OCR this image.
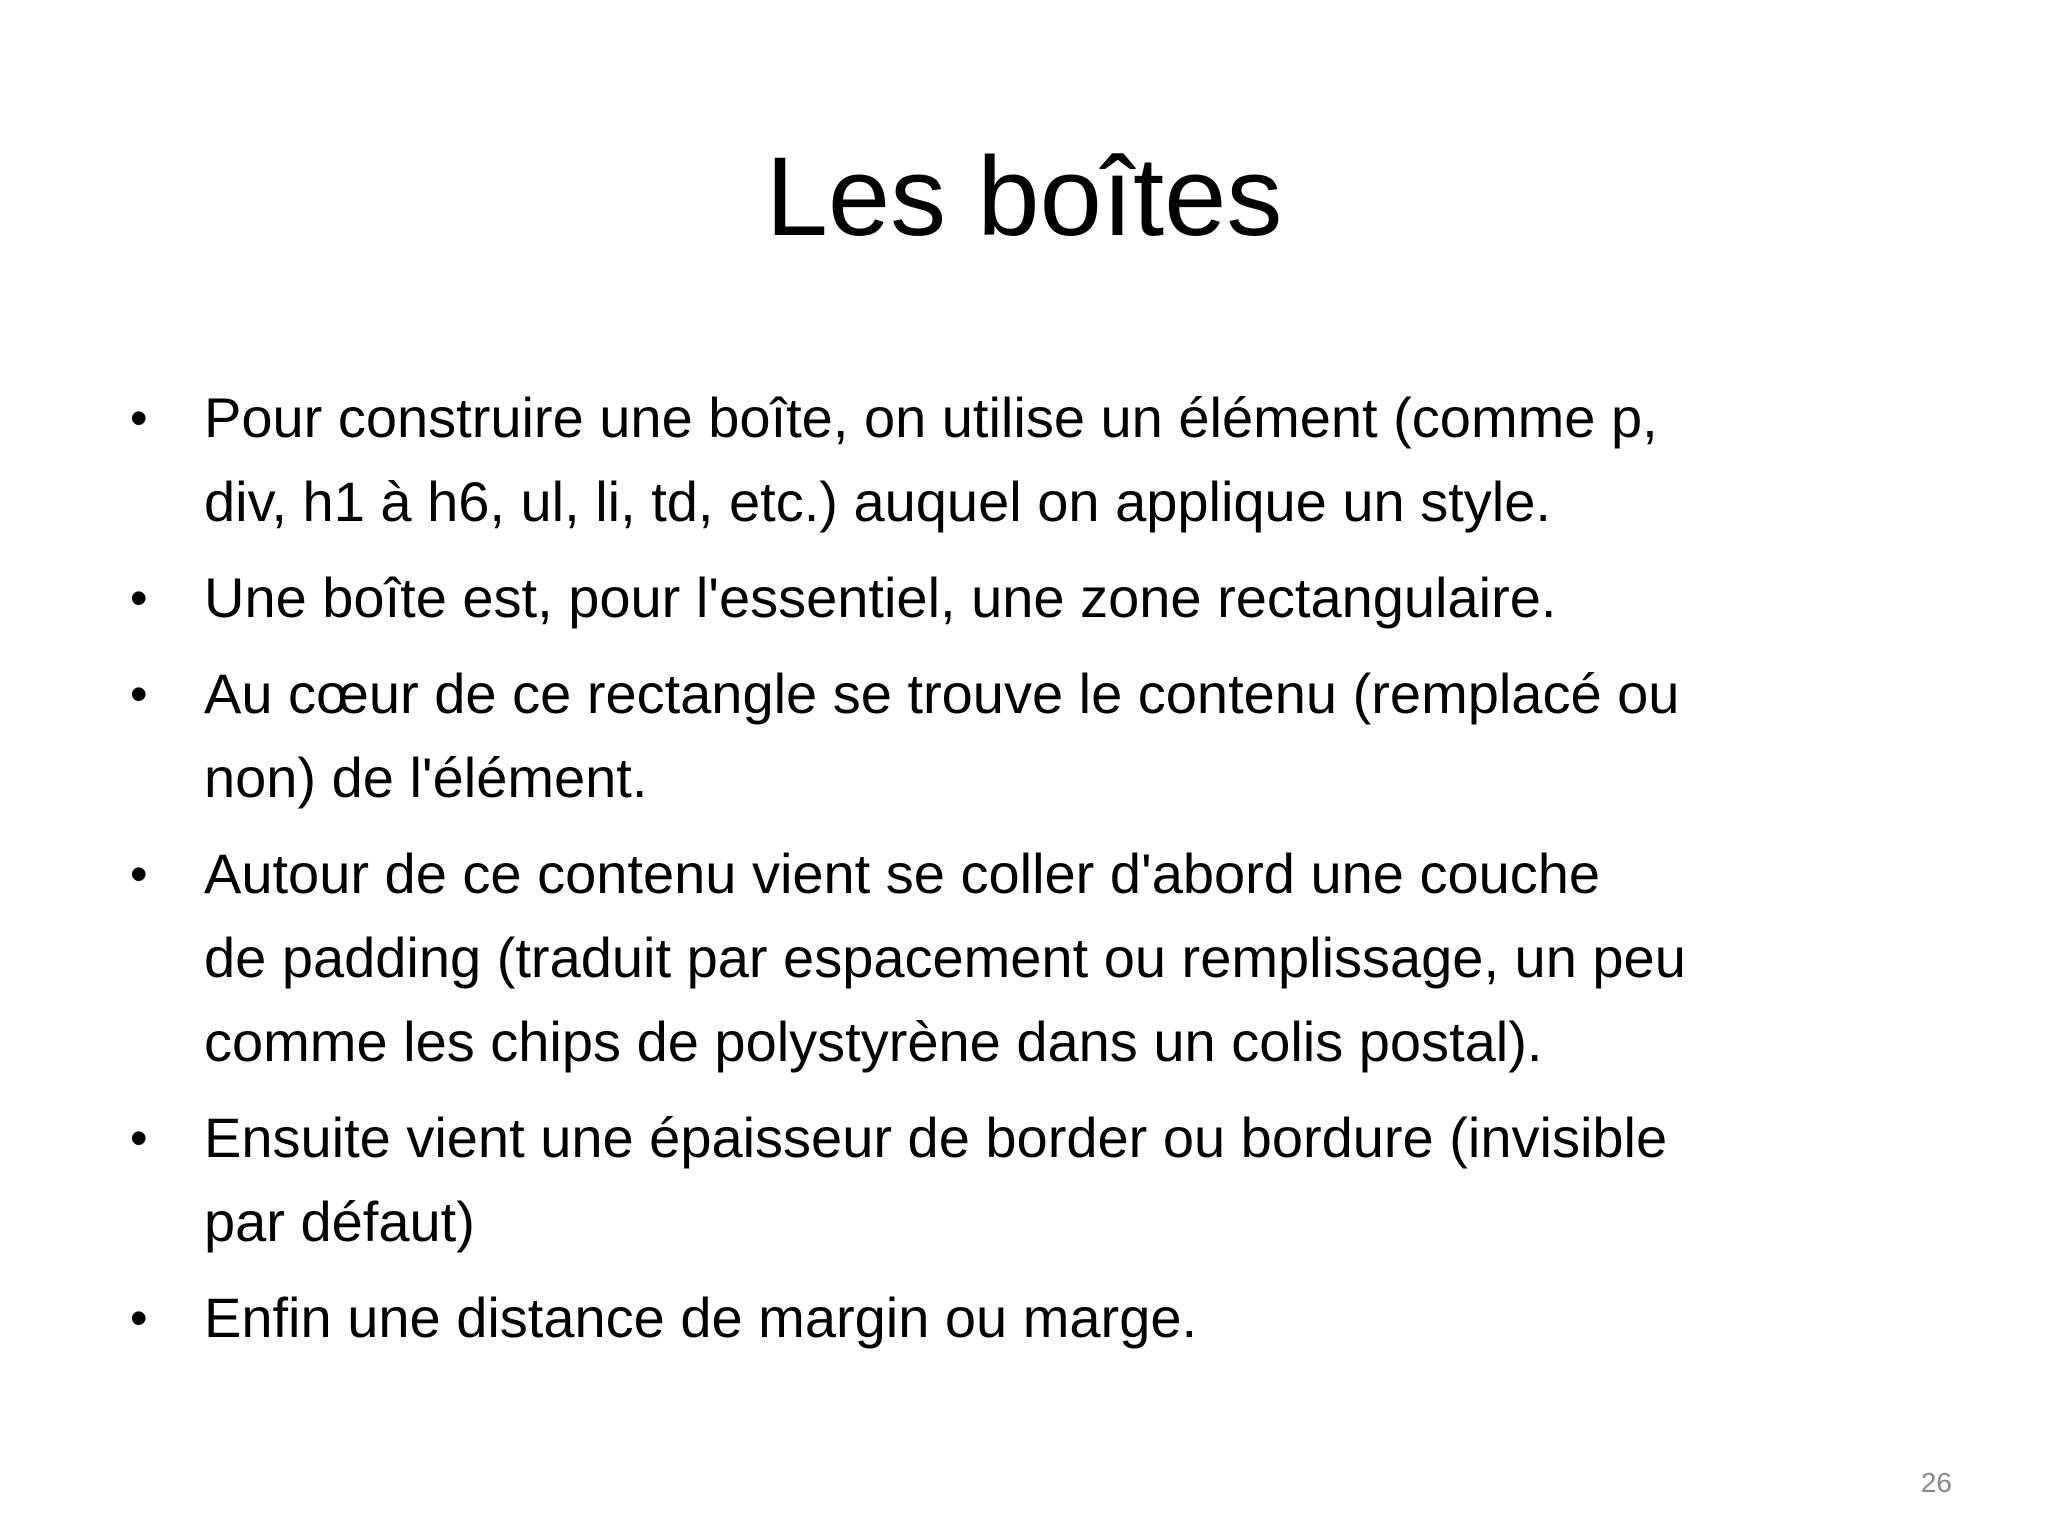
Les boîtes
• Pour construire une boîte, on utilise un élément (comme p,
div, h1 à h6, ul, li, td, etc.) auquel on applique un style.
• Une boîte est, pour l'essentiel, une zone rectangulaire.
• Au cœur de ce rectangle se trouve le contenu (remplacé ou
non) de l'élément.
• Autour de ce contenu vient se coller d'abord une couche
de padding (traduit par espacement ou remplissage, un peu
comme les chips de polystyrène dans un colis postal).
• Ensuite vient une épaisseur de border ou bordure (invisible
par défaut)
• Enfin une distance de margin ou marge.
26
